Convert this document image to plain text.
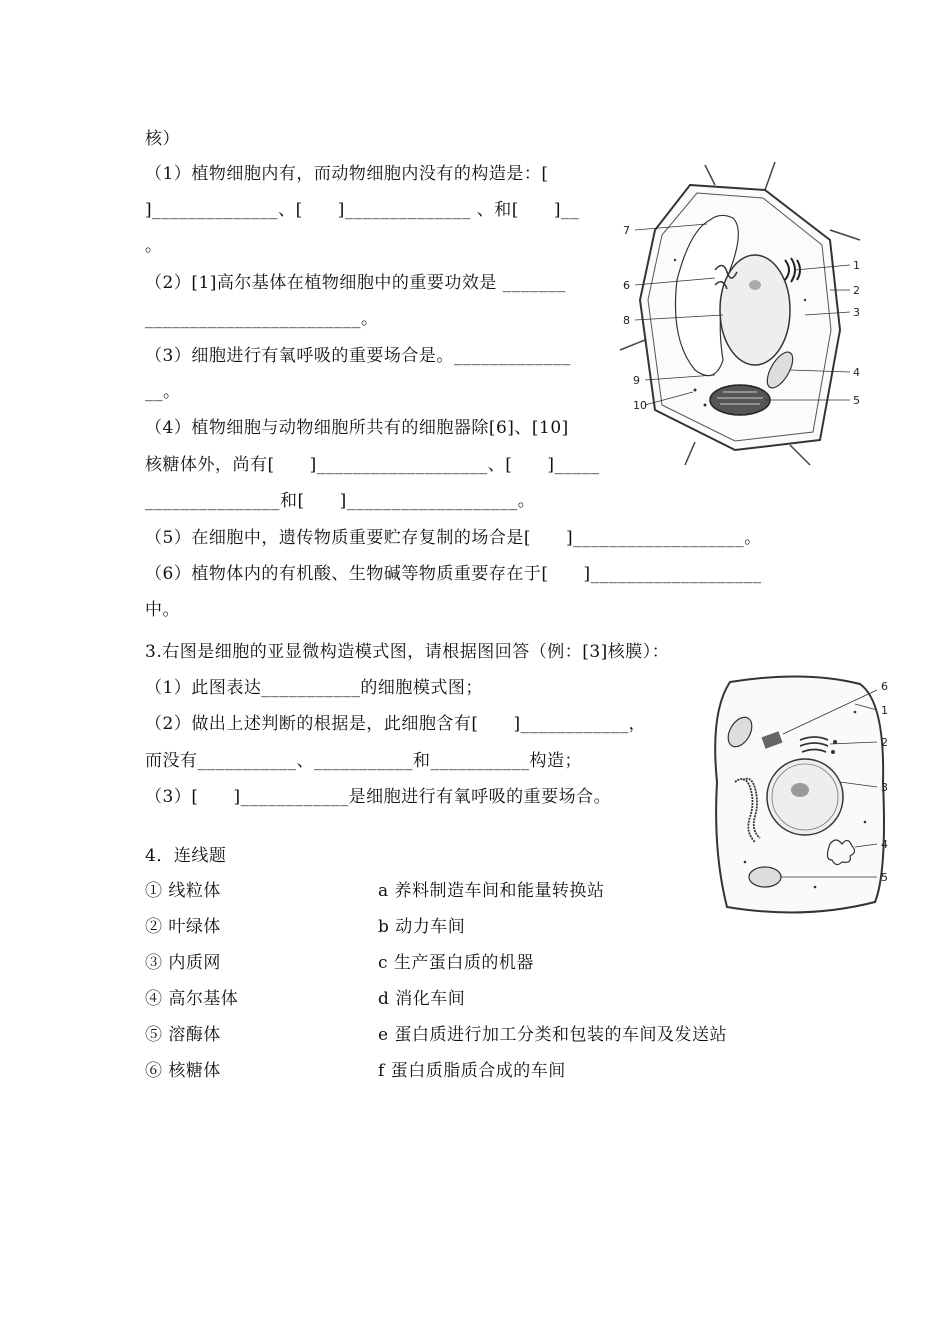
核）
（1）植物细胞内有，而动物细胞内没有的构造是：[
]______________、[　　]______________ 、和[　　]__
。
（2）[1]高尔基体在植物细胞中的重要功效是 _______
________________________。
（3）细胞进行有氧呼吸的重要场合是。_____________
__。
（4）植物细胞与动物细胞所共有的细胞器除[6]、[10]
核糖体外，尚有[　　]___________________、[　　]_____
_______________和[　　]___________________。
（5）在细胞中，遗传物质重要贮存复制的场合是[　　]___________________。
（6）植物体内的有机酸、生物碱等物质重要存在于[　　]___________________
中。
7
6
8
9
10
1
2
3
4
5
3.右图是细胞的亚显微构造模式图，请根据图回答（例：[3]核膜）：
（1）此图表达___________的细胞模式图；
（2）做出上述判断的根据是，此细胞含有[　　]____________，
而没有___________、___________和___________构造；
（3）[　　]____________是细胞进行有氧呼吸的重要场合。
6
1
2
3
4
5
4．连线题
① 线粒体
② 叶绿体
③ 内质网
④ 高尔基体
⑤ 溶酶体
⑥ 核糖体
a 养料制造车间和能量转换站
b 动力车间
c 生产蛋白质的机器
d 消化车间
e 蛋白质进行加工分类和包装的车间及发送站
f 蛋白质脂质合成的车间
